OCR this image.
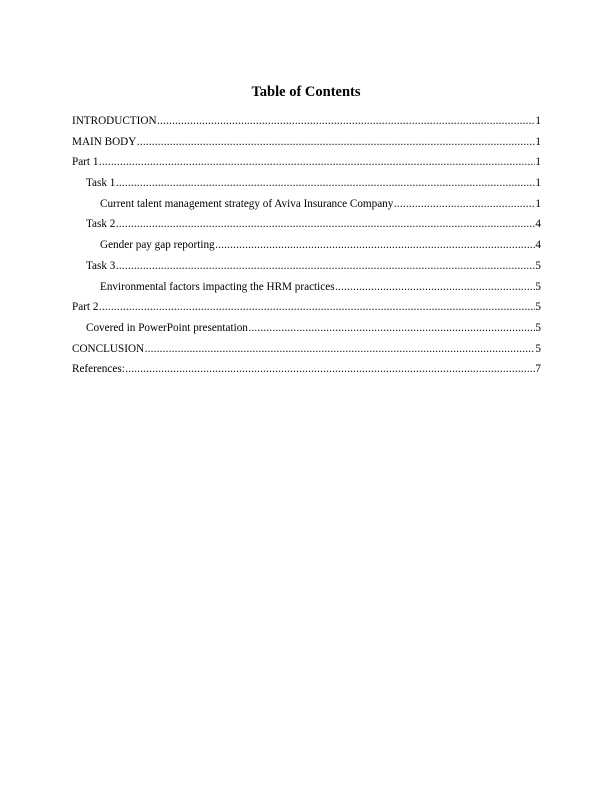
Table of Contents
INTRODUCTION .....	1
MAIN BODY .....	1
Part 1 .....	1
Task 1 .....	1
Current talent management strategy of Aviva Insurance Company .....	1
Task 2 .....	4
Gender pay gap reporting .....	4
Task 3 .....	5
Environmental factors impacting the HRM practices .....	5
Part 2 .....	5
Covered in PowerPoint presentation .....	5
CONCLUSION .....	5
References: .....	7
